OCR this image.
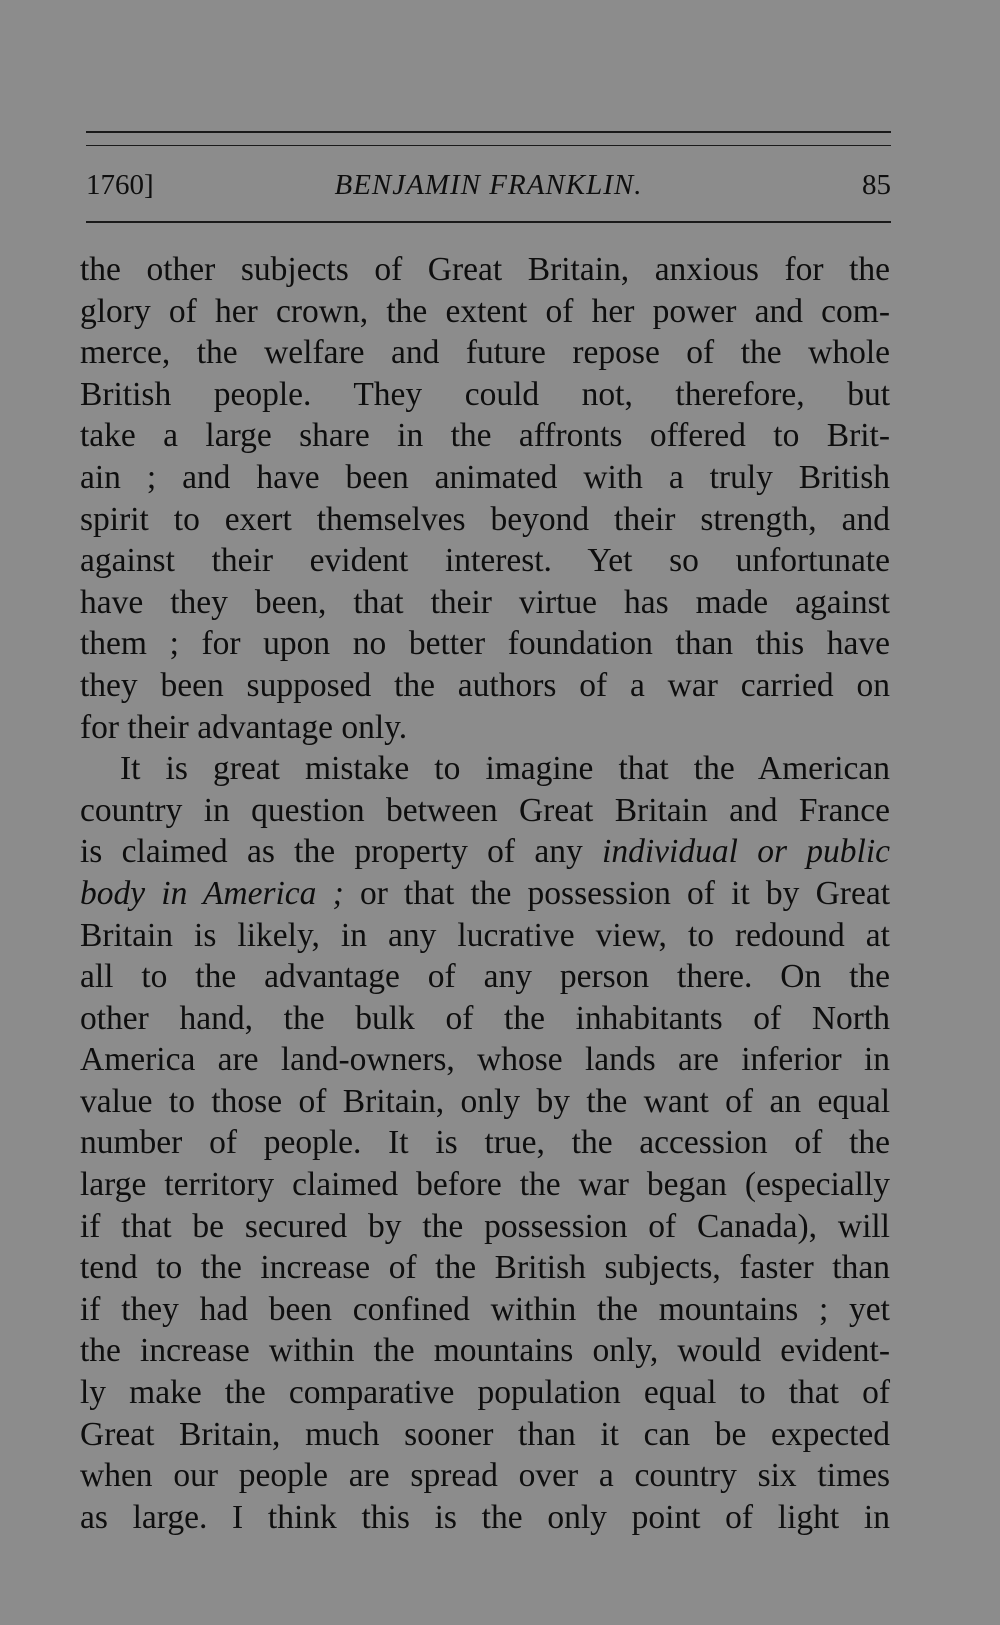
1760]	BENJAMIN FRANKLIN.	85
the other subjects of Great Britain, anxious for the
glory of her crown, the extent of her power and com-
merce, the welfare and future repose of the whole
British people. They could not, therefore, but
take a large share in the affronts offered to Brit-
ain ; and have been animated with a truly British
spirit to exert themselves beyond their strength, and
against their evident interest. Yet so unfortunate
have they been, that their virtue has made against
them ; for upon no better foundation than this have
they been supposed the authors of a war carried on
for their advantage only.
It is great mistake to imagine that the American
country in question between Great Britain and France
is claimed as the property of any individual or public
body in America ; or that the possession of it by Great
Britain is likely, in any lucrative view, to redound at
all to the advantage of any person there. On the
other hand, the bulk of the inhabitants of North
America are land-owners, whose lands are inferior in
value to those of Britain, only by the want of an equal
number of people. It is true, the accession of the
large territory claimed before the war began (especially
if that be secured by the possession of Canada), will
tend to the increase of the British subjects, faster than
if they had been confined within the mountains ; yet
the increase within the mountains only, would evident-
ly make the comparative population equal to that of
Great Britain, much sooner than it can be expected
when our people are spread over a country six times
as large. I think this is the only point of light in
